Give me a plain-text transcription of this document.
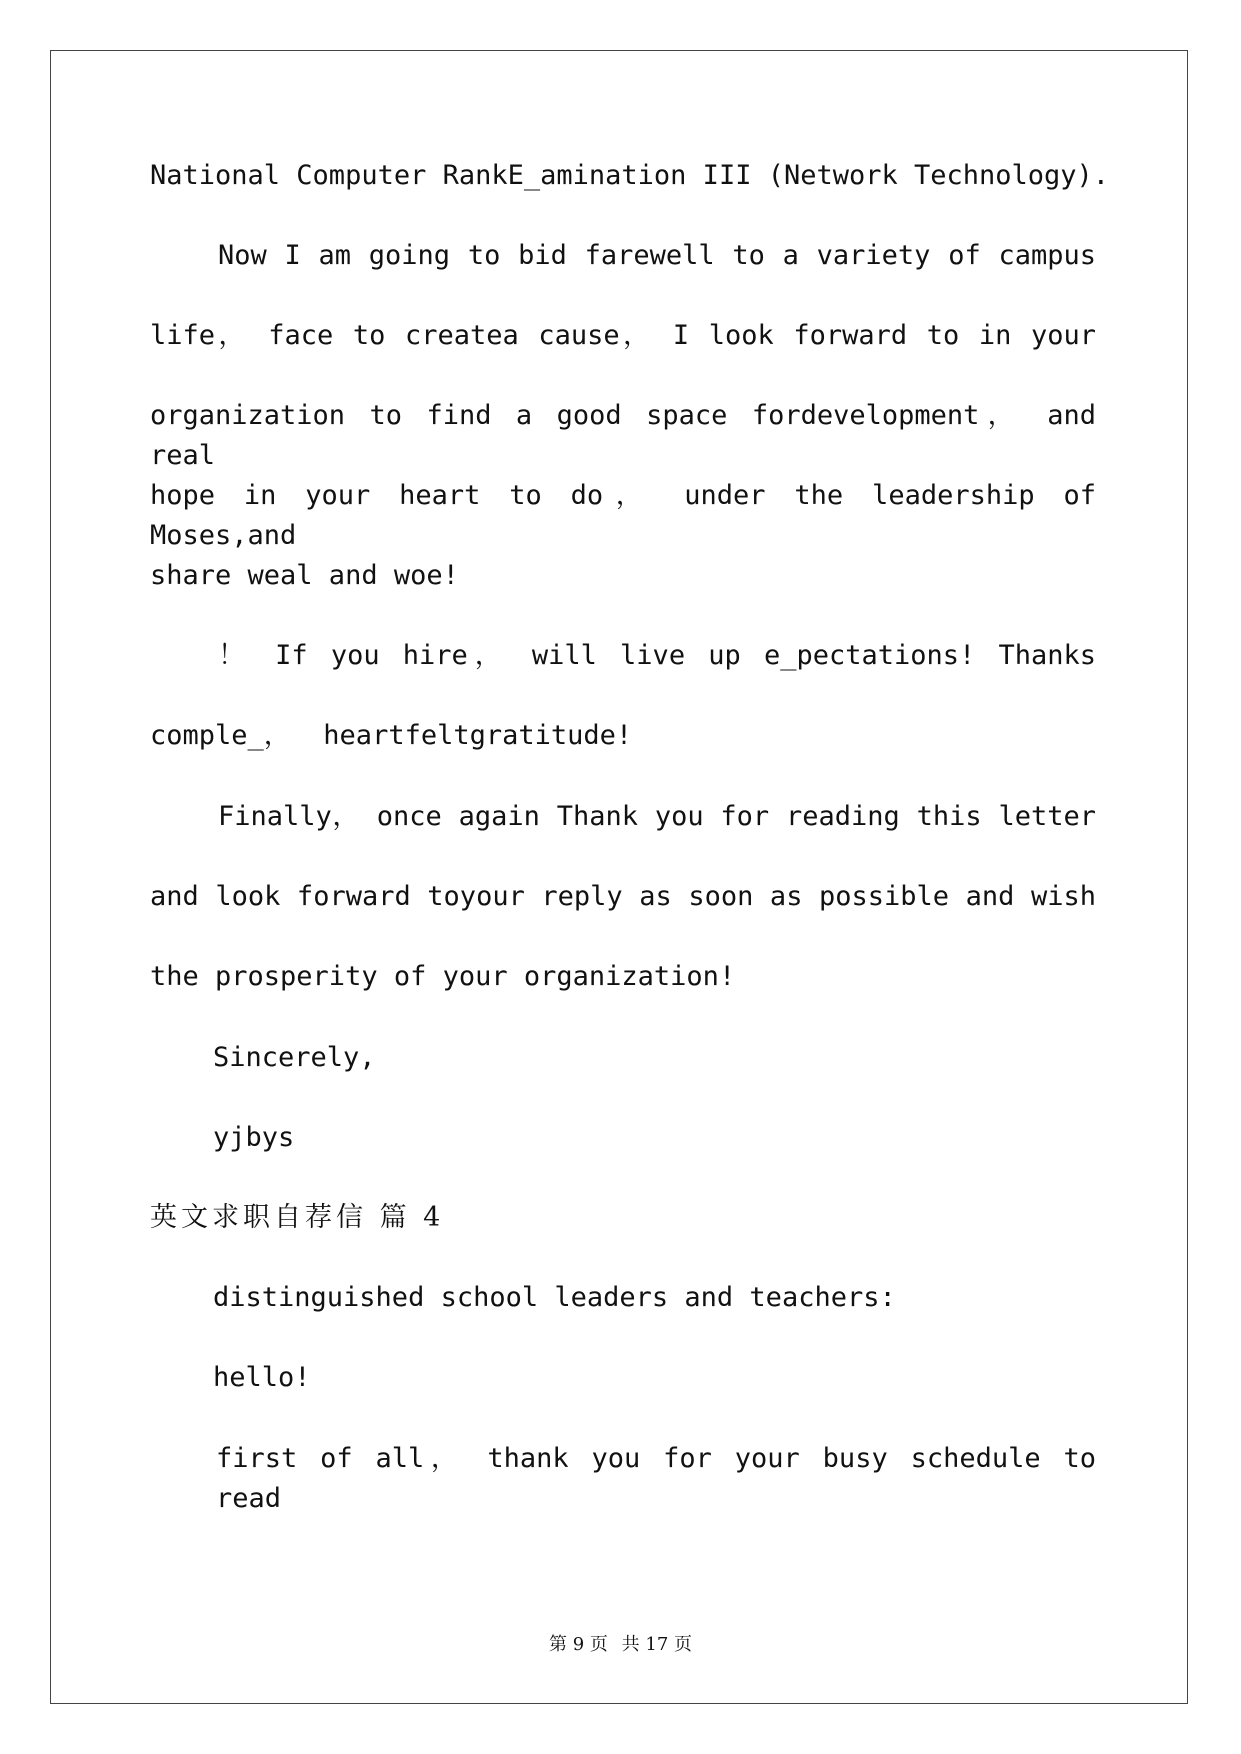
National Computer RankE_amination III (Network Technology).
Now I am going to bid farewell to a variety of campus
life， face to createa cause， I look forward to in your
organization to find a good space fordevelopment， and real
hope in your heart to do， under the leadership of Moses,and
share weal and woe!
！ If you hire， will live up e_pectations! Thanks
comple_，  heartfeltgratitude!
Finally， once again Thank you for reading this letter
and look forward toyour reply as soon as possible and wish
the prosperity of your organization!
Sincerely,
yjbys
英文求职自荐信 篇 4
distinguished school leaders and teachers:
hello!
first of all， thank you for your busy schedule to read
第 9 页 共 17 页
